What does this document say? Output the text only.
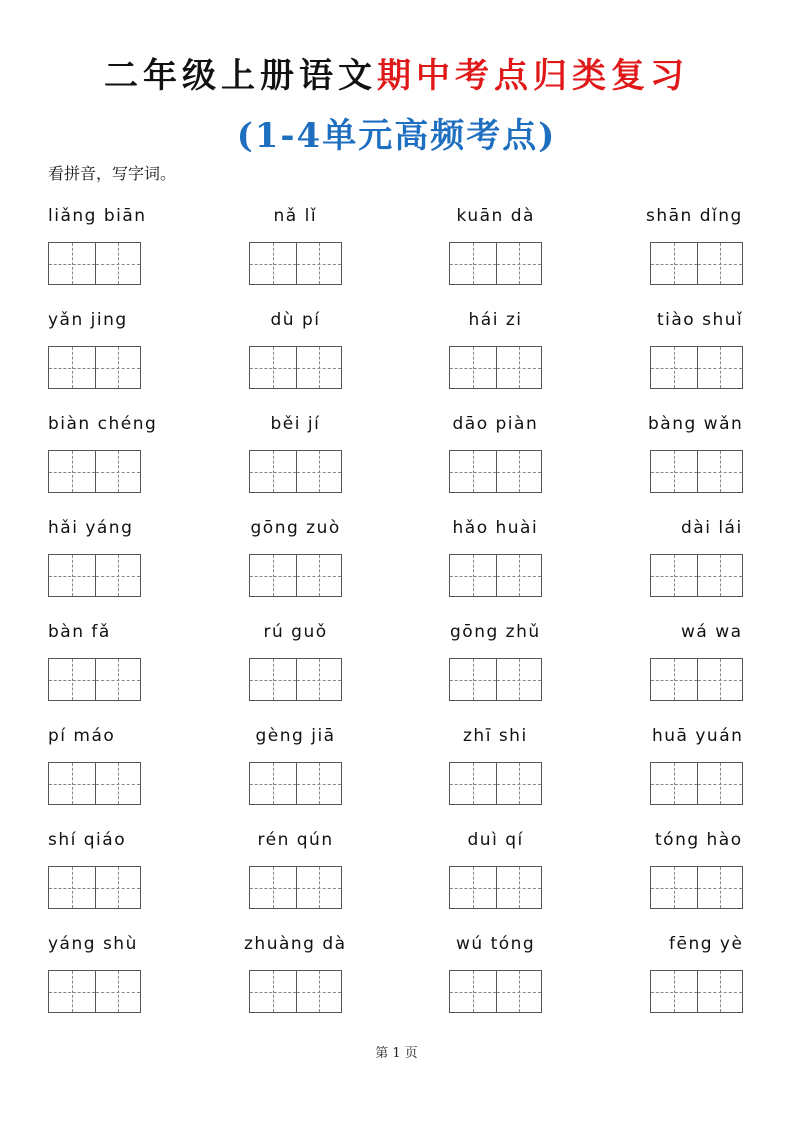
二年级上册语文期中考点归类复习
(1-4单元高频考点)
看拼音，写字词。
liǎng biān	nǎ lǐ	kuān dà	shān dǐng
yǎn jing	dù pí	hái zi	tiào shuǐ
biàn chéng	běi jí	dāo piàn	bàng wǎn
hǎi yáng	gōng zuò	hǎo huài	dài lái
bàn fǎ	rú guǒ	gōng zhǔ	wá wa
pí máo	gèng jiā	zhī shi	huā yuán
shí qiáo	rén qún	duì qí	tóng hào
yáng shù	zhuàng dà	wú tóng	fēng yè
第 1 页
